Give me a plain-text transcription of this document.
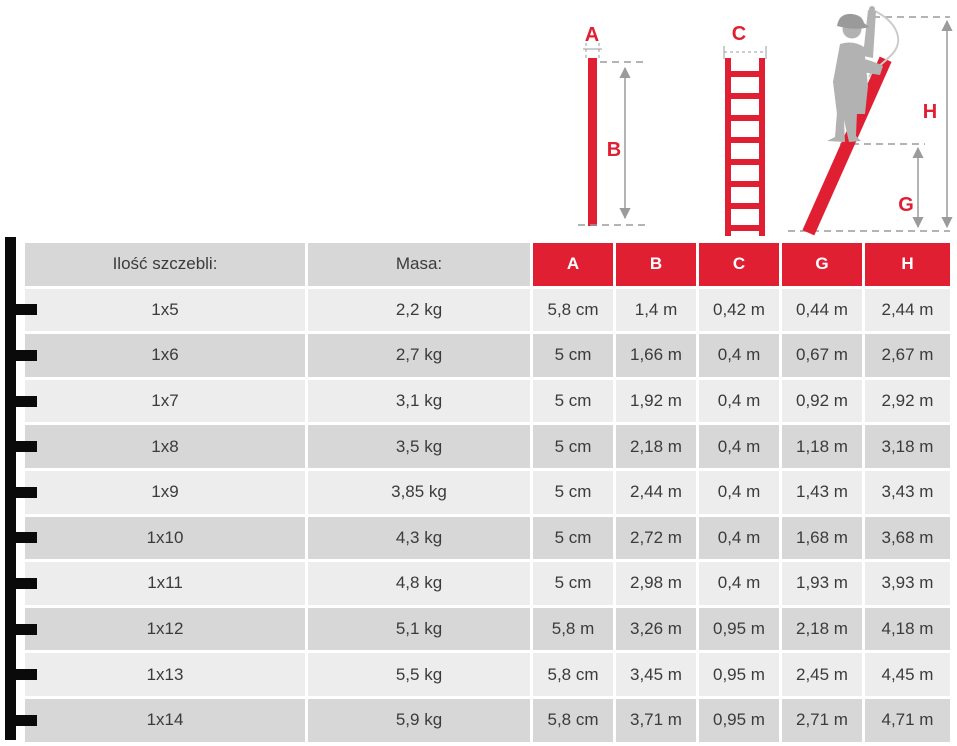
A
B
C
H
G
Ilość szczebli:	Masa:	A	B	C	G	H
1x5	2,2 kg	5,8 cm	1,4 m	0,42 m	0,44 m	2,44 m
1x6	2,7 kg	5 cm	1,66 m	0,4 m	0,67 m	2,67 m
1x7	3,1 kg	5 cm	1,92 m	0,4 m	0,92 m	2,92 m
1x8	3,5 kg	5 cm	2,18 m	0,4 m	1,18 m	3,18 m
1x9	3,85 kg	5 cm	2,44 m	0,4 m	1,43 m	3,43 m
1x10	4,3 kg	5 cm	2,72 m	0,4 m	1,68 m	3,68 m
1x11	4,8 kg	5 cm	2,98 m	0,4 m	1,93 m	3,93 m
1x12	5,1 kg	5,8 m	3,26 m	0,95 m	2,18 m	4,18 m
1x13	5,5 kg	5,8 cm	3,45 m	0,95 m	2,45 m	4,45 m
1x14	5,9 kg	5,8 cm	3,71 m	0,95 m	2,71 m	4,71 m
